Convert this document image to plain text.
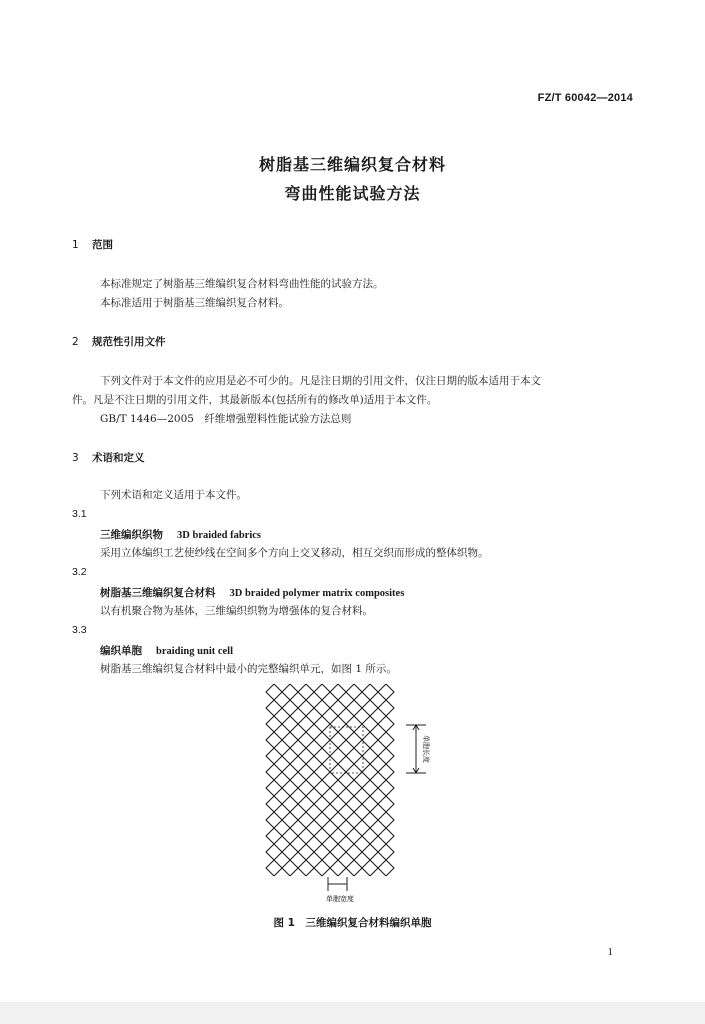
FZ/T 60042—2014
树脂基三维编织复合材料
弯曲性能试验方法
1 范围
本标准规定了树脂基三维编织复合材料弯曲性能的试验方法。
本标准适用于树脂基三维编织复合材料。
2 规范性引用文件
下列文件对于本文件的应用是必不可少的。凡是注日期的引用文件，仅注日期的版本适用于本文
件。凡是不注日期的引用文件，其最新版本(包括所有的修改单)适用于本文件。
GB/T 1446—2005　纤维增强塑料性能试验方法总则
3 术语和定义
下列术语和定义适用于本文件。
3.1
三维编织织物 3D braided fabrics
采用立体编织工艺使纱线在空间多个方向上交叉移动，相互交织而形成的整体织物。
3.2
树脂基三维编织复合材料 3D braided polymer matrix composites
以有机聚合物为基体，三维编织织物为增强体的复合材料。
3.3
编织单胞 braiding unit cell
树脂基三维编织复合材料中最小的完整编织单元，如图 1 所示。
单胞长度
单胞宽度
图 1　三维编织复合材料编织单胞
1
